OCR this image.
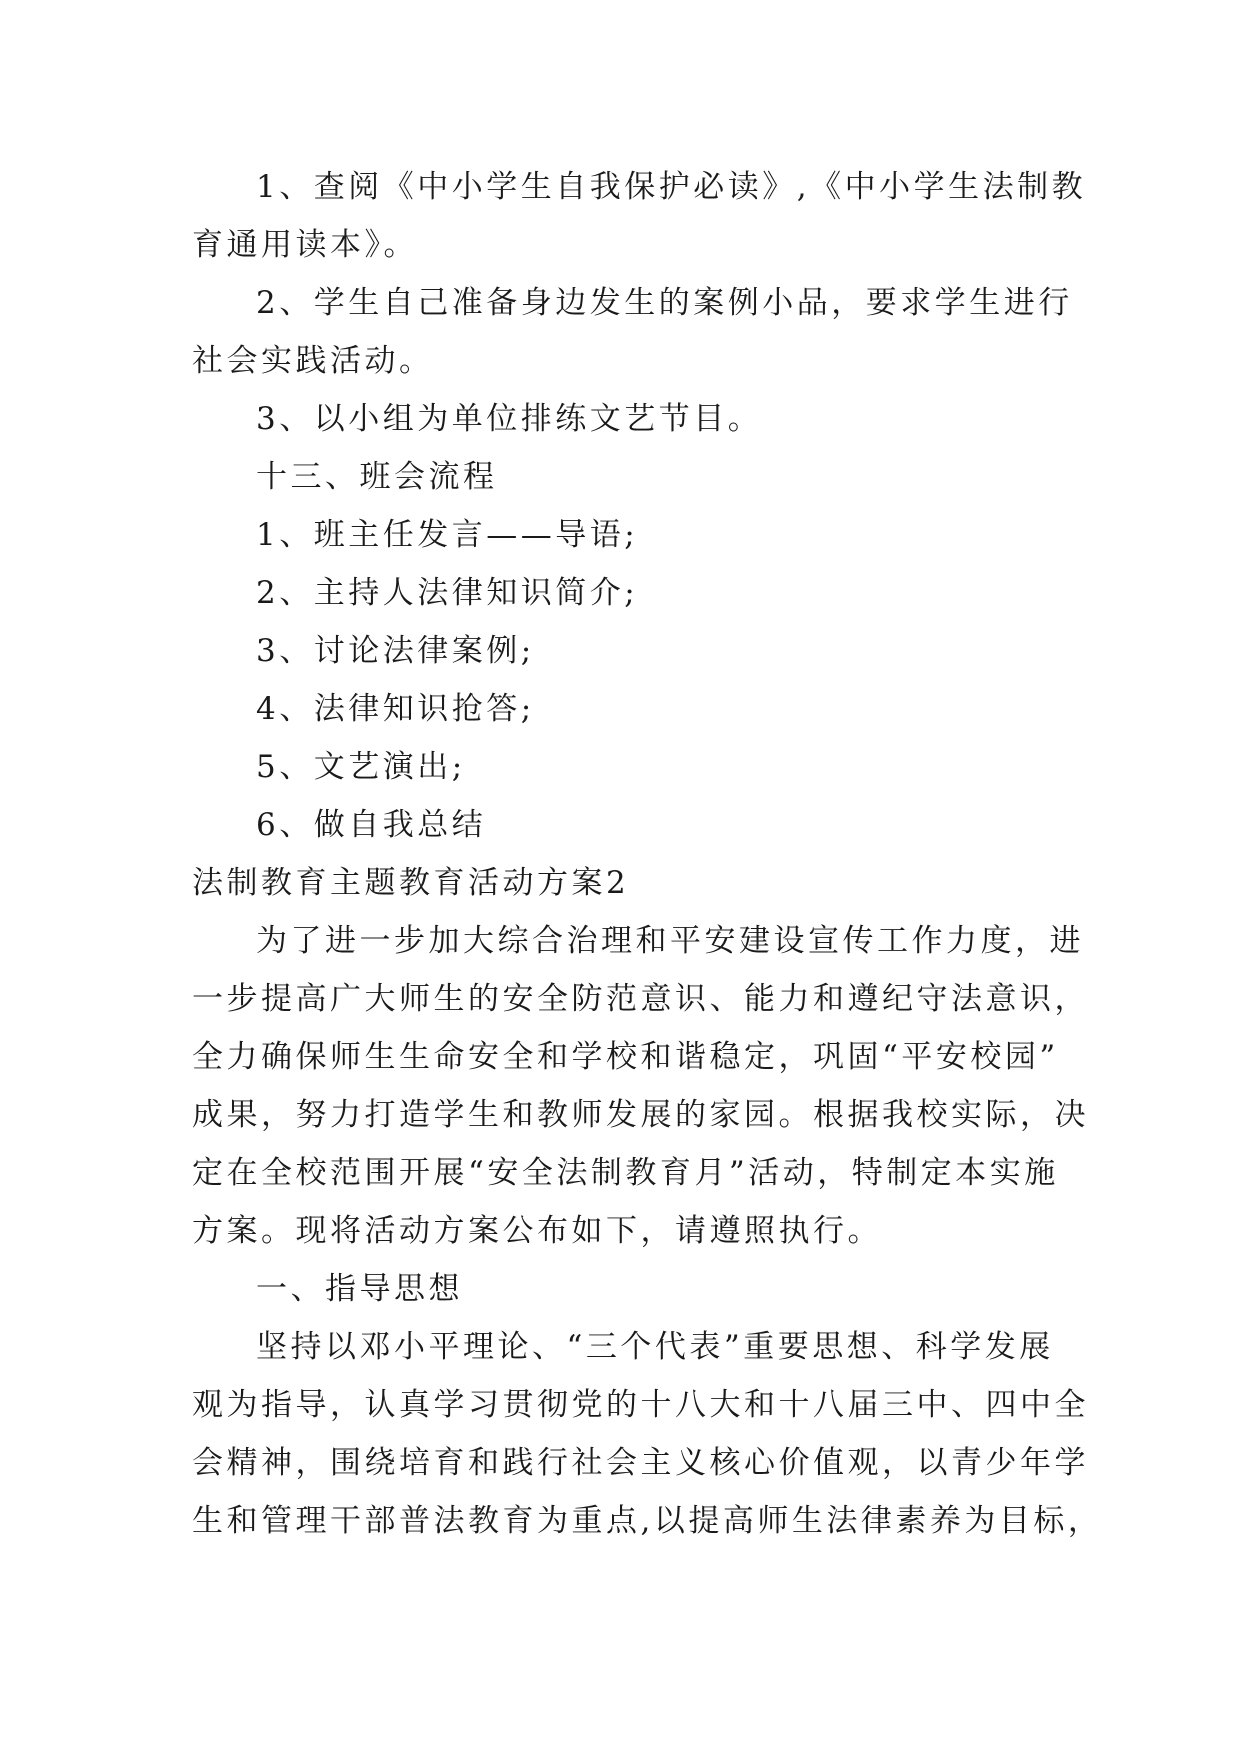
1、查阅《中小学生自我保护必读》,《中小学生法制教
育通用读本》。
2、学生自己准备身边发生的案例小品，要求学生进行
社会实践活动。
3、以小组为单位排练文艺节目。
十三、班会流程
1、班主任发言——导语;
2、主持人法律知识简介;
3、讨论法律案例;
4、法律知识抢答;
5、文艺演出;
6、做自我总结
法制教育主题教育活动方案2
为了进一步加大综合治理和平安建设宣传工作力度，进
一步提高广大师生的安全防范意识、能力和遵纪守法意识，
全力确保师生生命安全和学校和谐稳定，巩固“平安校园”
成果，努力打造学生和教师发展的家园。根据我校实际，决
定在全校范围开展“安全法制教育月”活动，特制定本实施
方案。现将活动方案公布如下，请遵照执行。
一、指导思想
坚持以邓小平理论、“三个代表”重要思想、科学发展
观为指导，认真学习贯彻党的十八大和十八届三中、四中全
会精神，围绕培育和践行社会主义核心价值观，以青少年学
生和管理干部普法教育为重点,以提高师生法律素养为目标，
